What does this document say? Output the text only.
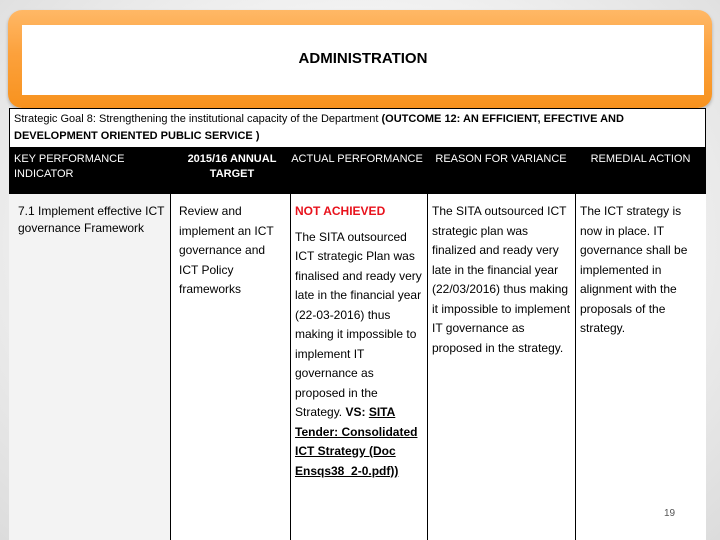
ADMINISTRATION
Strategic Goal 8: Strengthening the institutional capacity of the Department (OUTCOME 12: AN EFFICIENT, EFECTIVE AND DEVELOPMENT ORIENTED PUBLIC SERVICE )
KEY PERFORMANCE INDICATOR
2015/16 ANNUAL TARGET
ACTUAL PERFORMANCE	REASON FOR VARIANCE	REMEDIAL ACTION
7.1 Implement effective ICT governance Framework
Review and implement an ICT governance and ICT Policy frameworks
NOT ACHIEVED
The SITA outsourced ICT strategic Plan was finalised and ready very late in the financial year (22-03-2016) thus making it impossible to implement IT governance as proposed in the Strategy. VS: SITA Tender: Consolidated ICT Strategy (Doc Ensqs38_2-0.pdf))
The SITA outsourced ICT strategic plan was finalized and ready very late in the financial year (22/03/2016) thus making it impossible to implement IT governance as proposed in the strategy.
The ICT strategy is now in place. IT governance shall be implemented in alignment with the proposals of the strategy.
19
